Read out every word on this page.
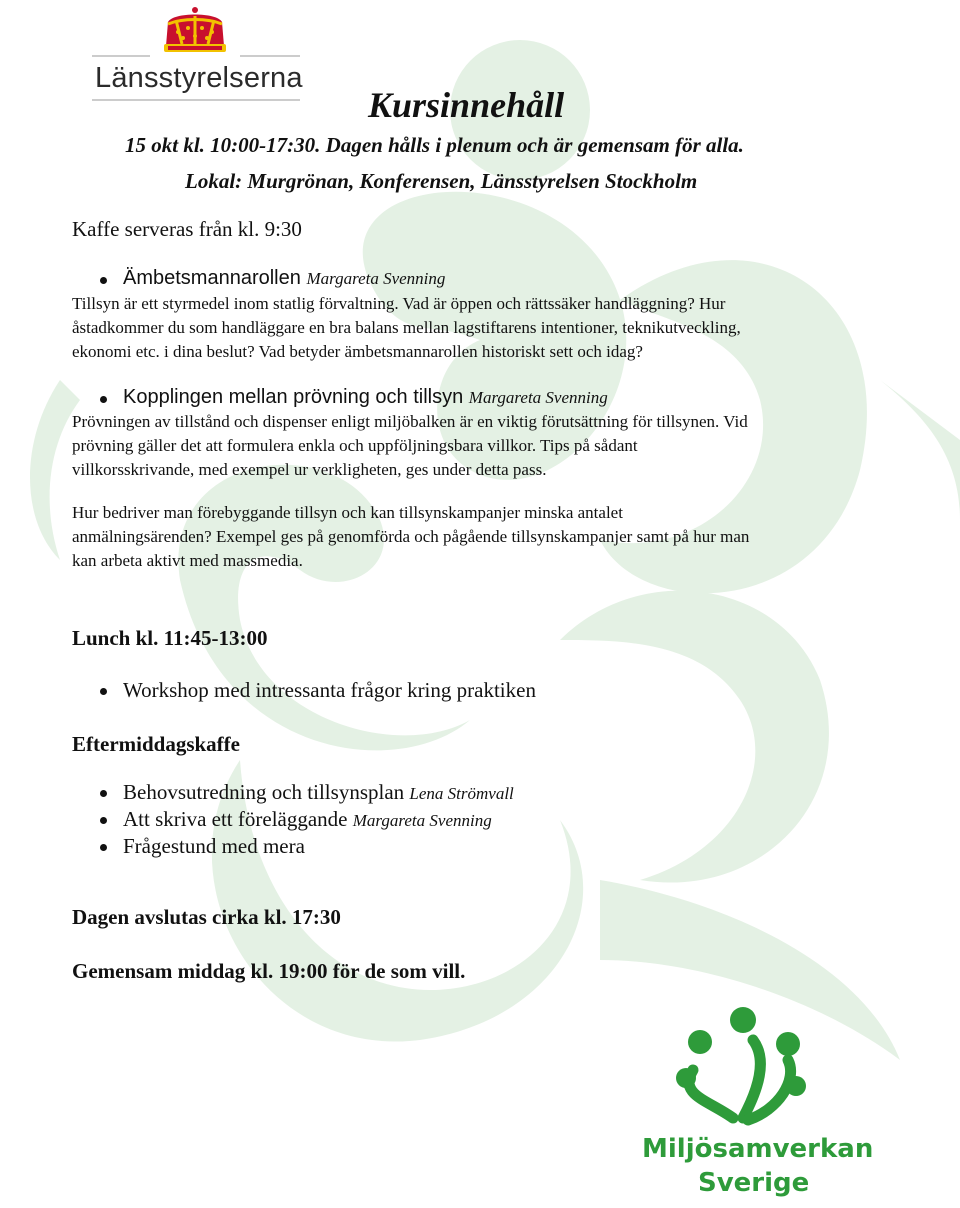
Länsstyrelserna
Kursinnehåll
15 okt kl. 10:00-17:30. Dagen hålls i plenum och är gemensam för alla.
Lokal: Murgrönan, Konferensen, Länsstyrelsen Stockholm
Kaffe serveras från kl. 9:30
Ämbetsmannarollen Margareta Svenning
Tillsyn är ett styrmedel inom statlig förvaltning. Vad är öppen och rättssäker handläggning? Hur
åstadkommer du som handläggare en bra balans mellan lagstiftarens intentioner, teknikutveckling,
ekonomi etc. i dina beslut? Vad betyder ämbetsmannarollen historiskt sett och idag?
Kopplingen mellan prövning och tillsyn Margareta Svenning
Prövningen av tillstånd och dispenser enligt miljöbalken är en viktig förutsättning för tillsynen. Vid
prövning gäller det att formulera enkla och uppföljningsbara villkor. Tips på sådant
villkorsskrivande, med exempel ur verkligheten, ges under detta pass.
Hur bedriver man förebyggande tillsyn och kan tillsynskampanjer minska antalet
anmälningsärenden? Exempel ges på genomförda och pågående tillsynskampanjer samt på hur man
kan arbeta aktivt med massmedia.
Lunch kl. 11:45-13:00
Workshop med intressanta frågor kring praktiken
Eftermiddagskaffe
Behovsutredning och tillsynsplan Lena Strömvall
Att skriva ett föreläggande Margareta Svenning
Frågestund med mera
Dagen avslutas cirka kl. 17:30
Gemensam middag kl. 19:00 för de som vill.
Miljösamverkan
Sverige
